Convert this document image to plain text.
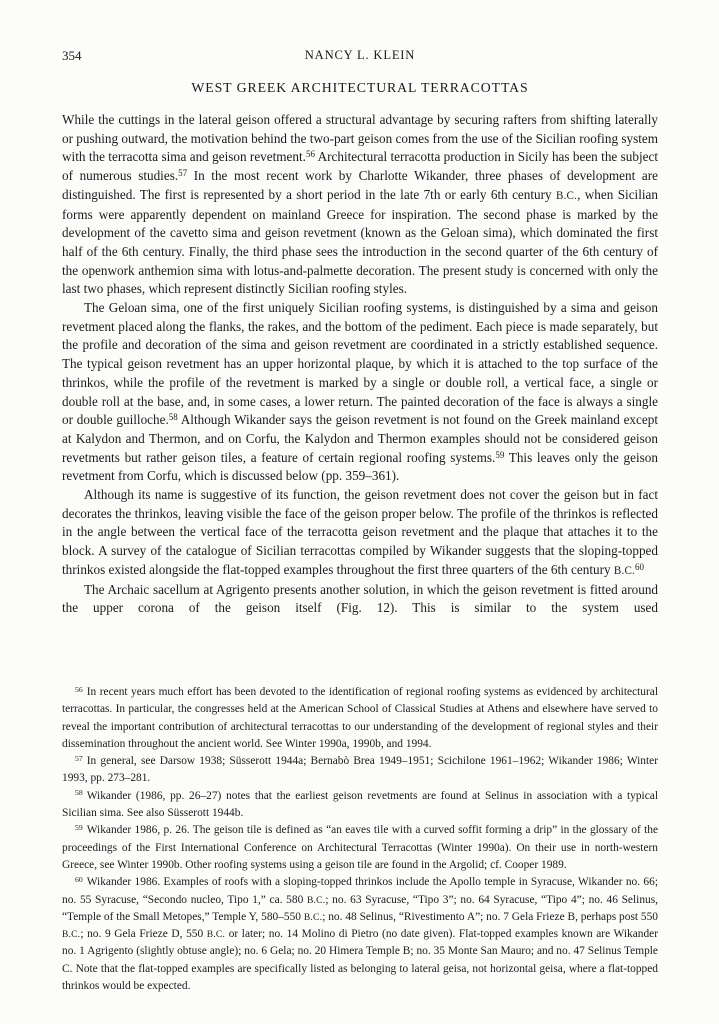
354	NANCY L. KLEIN
WEST GREEK ARCHITECTURAL TERRACOTTAS

While the cuttings in the lateral geison offered a structural advantage by securing rafters from shifting laterally or pushing outward, the motivation behind the two-part geison comes from the use of the Sicilian roofing system with the terracotta sima and geison revetment.$^{56}$ Architectural terracotta production in Sicily has been the subject of numerous studies.$^{57}$ In the most recent work by Charlotte Wikander, three phases of development are distinguished. The first is represented by a short period in the late 7th or early 6th century B.C., when Sicilian forms were apparently dependent on mainland Greece for inspiration. The second phase is marked by the development of the cavetto sima and geison revetment (known as the Geloan sima), which dominated the first half of the 6th century. Finally, the third phase sees the introduction in the second quarter of the 6th century of the openwork anthemion sima with lotus-and-palmette decoration. The present study is concerned with only the last two phases, which represent distinctly Sicilian roofing styles.

The Geloan sima, one of the first uniquely Sicilian roofing systems, is distinguished by a sima and geison revetment placed along the flanks, the rakes, and the bottom of the pediment. Each piece is made separately, but the profile and decoration of the sima and geison revetment are coordinated in a strictly established sequence. The typical geison revetment has an upper horizontal plaque, by which it is attached to the top surface of the thrinkos, while the profile of the revetment is marked by a single or double roll, a vertical face, a single or double roll at the base, and, in some cases, a lower return. The painted decoration of the face is always a single or double guilloche.$^{58}$ Although Wikander says the geison revetment is not found on the Greek mainland except at Kalydon and Thermon, and on Corfu, the Kalydon and Thermon examples should not be considered geison revetments but rather geison tiles, a feature of certain regional roofing systems.$^{59}$ This leaves only the geison revetment from Corfu, which is discussed below (pp. 359–361).

Although its name is suggestive of its function, the geison revetment does not cover the geison but in fact decorates the thrinkos, leaving visible the face of the geison proper below. The profile of the thrinkos is reflected in the angle between the vertical face of the terracotta geison revetment and the plaque that attaches it to the block. A survey of the catalogue of Sicilian terracottas compiled by Wikander suggests that the sloping-topped thrinkos existed alongside the flat-topped examples throughout the first three quarters of the 6th century B.C.$^{60}$

The Archaic sacellum at Agrigento presents another solution, in which the geison revetment is fitted around the upper corona of the geison itself (Fig. 12). This is similar to the system used

$^{56}$ In recent years much effort has been devoted to the identification of regional roofing systems as evidenced by architectural terracottas. In particular, the congresses held at the American School of Classical Studies at Athens and elsewhere have served to reveal the important contribution of architectural terracottas to our understanding of the development of regional styles and their dissemination throughout the ancient world. See Winter 1990a, 1990b, and 1994.

$^{57}$ In general, see Darsow 1938; Süsserott 1944a; Bernabò Brea 1949–1951; Scichilone 1961–1962; Wikander 1986; Winter 1993, pp. 273–281.

$^{58}$ Wikander (1986, pp. 26–27) notes that the earliest geison revetments are found at Selinus in association with a typical Sicilian sima. See also Süsserott 1944b.

$^{59}$ Wikander 1986, p. 26. The geison tile is defined as “an eaves tile with a curved soffit forming a drip” in the glossary of the proceedings of the First International Conference on Architectural Terracottas (Winter 1990a). On their use in north-western Greece, see Winter 1990b. Other roofing systems using a geison tile are found in the Argolid; cf. Cooper 1989.

$^{60}$ Wikander 1986. Examples of roofs with a sloping-topped thrinkos include the Apollo temple in Syracuse, Wikander no. 66; no. 55 Syracuse, “Secondo nucleo, Tipo 1,” ca. 580 B.C.; no. 63 Syracuse, “Tipo 3”; no. 64 Syracuse, “Tipo 4”; no. 46 Selinus, “Temple of the Small Metopes,” Temple Y, 580–550 B.C.; no. 48 Selinus, “Rivestimento A”; no. 7 Gela Frieze B, perhaps post 550 B.C.; no. 9 Gela Frieze D, 550 B.C. or later; no. 14 Molino di Pietro (no date given). Flat-topped examples known are Wikander no. 1 Agrigento (slightly obtuse angle); no. 6 Gela; no. 20 Himera Temple B; no. 35 Monte San Mauro; and no. 47 Selinus Temple C. Note that the flat-topped examples are specifically listed as belonging to lateral geisa, not horizontal geisa, where a flat-topped thrinkos would be expected.
